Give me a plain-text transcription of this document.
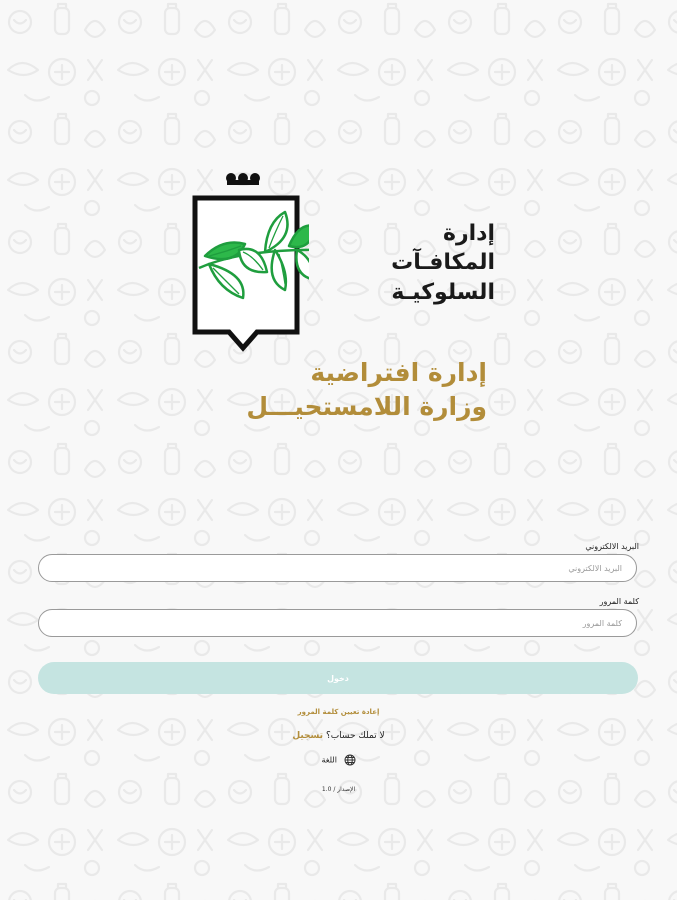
إدارة
المكافـآت
السلوكيـة
إدارة افتراضية
وزارة اللامستحيـــل
البريد الالكتروني
البريد الالكتروني
كلمة المرور
دخول
إعادة تعيين كلمة المرور
لا تملك حساب؟ تسجيل
اللغة
الإصدار / 1.0
